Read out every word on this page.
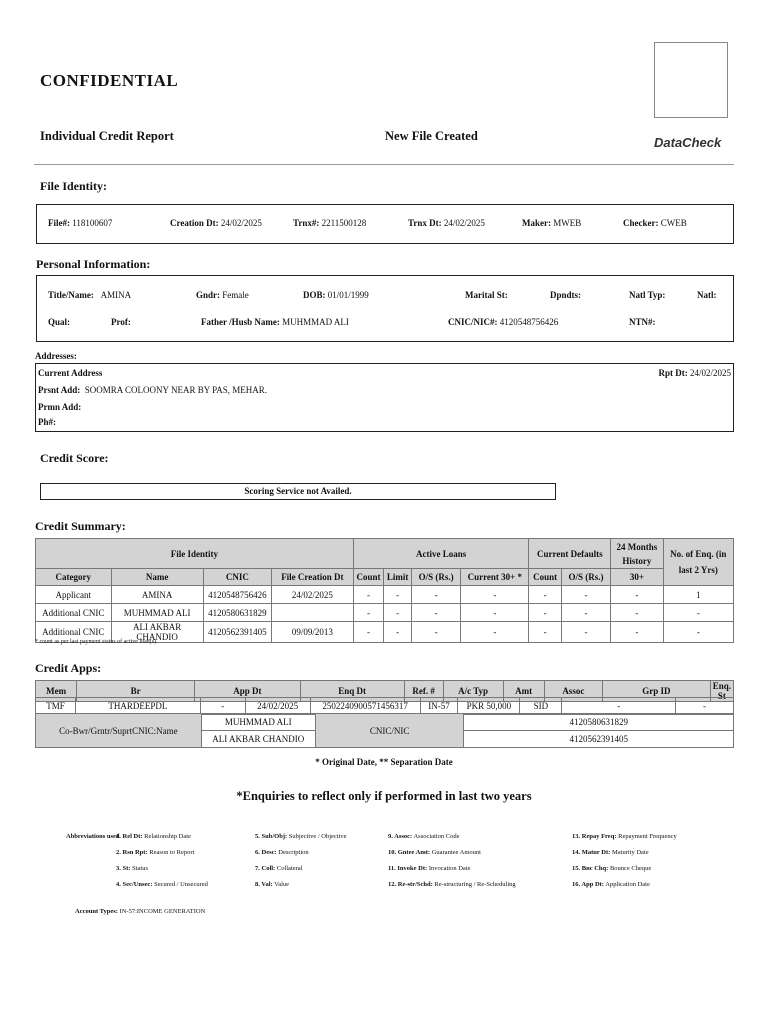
CONFIDENTIAL
Individual Credit Report	New File Created	DataCheck
File Identity:
File#: 118100607	Creation Dt: 24/02/2025	Trnx#: 2211500128	Trnx Dt: 24/02/2025	Maker: MWEB	Checker: CWEB
Personal Information:
Title/Name: AMINA	Gndr: Female	DOB: 01/01/1999	Marital St:	Dpndts:	Natl Typ:	Natl:
Qual:	Prof:	Father /Husb Name: MUHMMAD ALI	CNIC/NIC#: 4120548756426	NTN#:
Addresses:
Current Address	Rpt Dt: 24/02/2025
Prsnt Add: SOOMRA COLOONY NEAR BY PAS, MEHAR.
Prmn Add:
Ph#:
Credit Score:
Scoring Service not Availed.
Credit Summary:
File Identity				Active Loans				Current Defaults		24 Months History	No. of Enq. (in last 2 Yrs)
Category	Name	CNIC	File Creation Dt	Count	Limit	O/S (Rs.)	Current 30+ *	Count	O/S (Rs.)	30+	
Applicant	AMINA	4120548756426	24/02/2025	-	-	-	-	-	-	-	1
Additional CNIC	MUHMMAD ALI	4120580631829		-	-	-	-	-	-	-	-
Additional CNIC	ALI AKBAR CHANDIO	4120562391405	09/09/2013	-	-	-	-	-	-	-	-
* count as per last payment status of active loan(s).
Credit Apps:
Mem	Br	App Dt	Enq Dt	Ref. #	A/c Typ	Amt	Assoc	Grp ID	Enq. St
TMF	THARDEEPDL	-	24/02/2025	2502240900571456317	IN-57	PKR 50,000	SID	-	-
Co-Bwr/Grntr/SuprtCNIC:Name	MUHMMAD ALI	CNIC/NIC	4120580631829
	ALI AKBAR CHANDIO		4120562391405
* Original Date, ** Separation Date
*Enquiries to reflect only if performed in last two years
Abbreviations used
1. Rel Dt: Relationship Date
2. Rsn Rpt: Reason to Report
3. St: Status
4. Sec/Unsec: Secured / Unsecured
5. Sub/Obj: Subjective / Objective
6. Desc: Description
7. Coll: Collateral
8. Val: Value
9. Assoc: Association Code
10. Gntee Amt: Guarantee Amount
11. Invoke Dt: Invocation Date
12. Re-str/Schd: Re-structuring / Re-Scheduling
13. Repay Freq: Repayment Frequency
14. Matur Dt: Maturity Date
15. Bnc Chq: Bounce Cheque
16. App Dt: Application Date
Account Types: IN-57:INCOME GENERATION
